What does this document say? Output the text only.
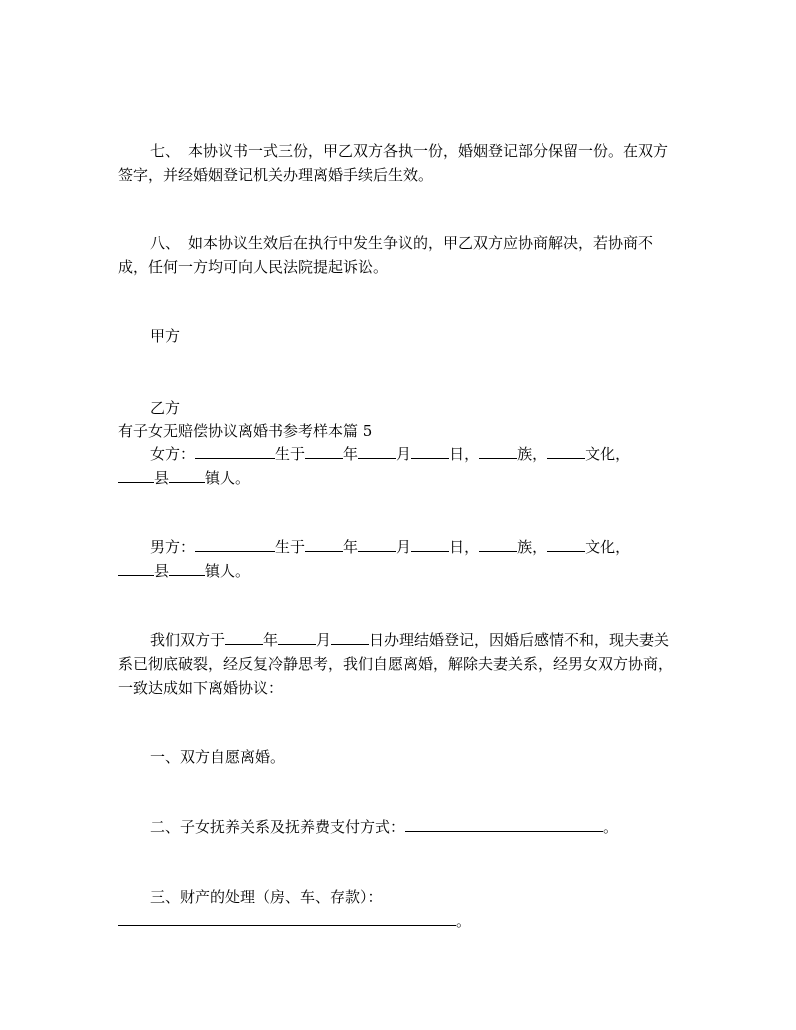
七、 本协议书一式三份，甲乙双方各执一份，婚姻登记部分保留一份。在双方签字，并经婚姻登记机关办理离婚手续后生效。

八、 如本协议生效后在执行中发生争议的，甲乙双方应协商解决，若协商不成，任何一方均可向人民法院提起诉讼。

甲方

乙方

有子女无赔偿协议离婚书参考样本篇 5

女方：	生于	年	月	日，	族，	文化，

县 镇人。

男方：	生于	年	月	日，	族，	文化，

县 镇人。

我们双方于	年	月	日办理结婚登记，因婚后感情不和，现夫妻关系已彻底破裂，经反复冷静思考，我们自愿离婚，解除夫妻关系，经男女双方协商，一致达成如下离婚协议：

一、双方自愿离婚。

二、子女抚养关系及抚养费支付方式：	。

三、财产的处理（房、车、存款）：

。
